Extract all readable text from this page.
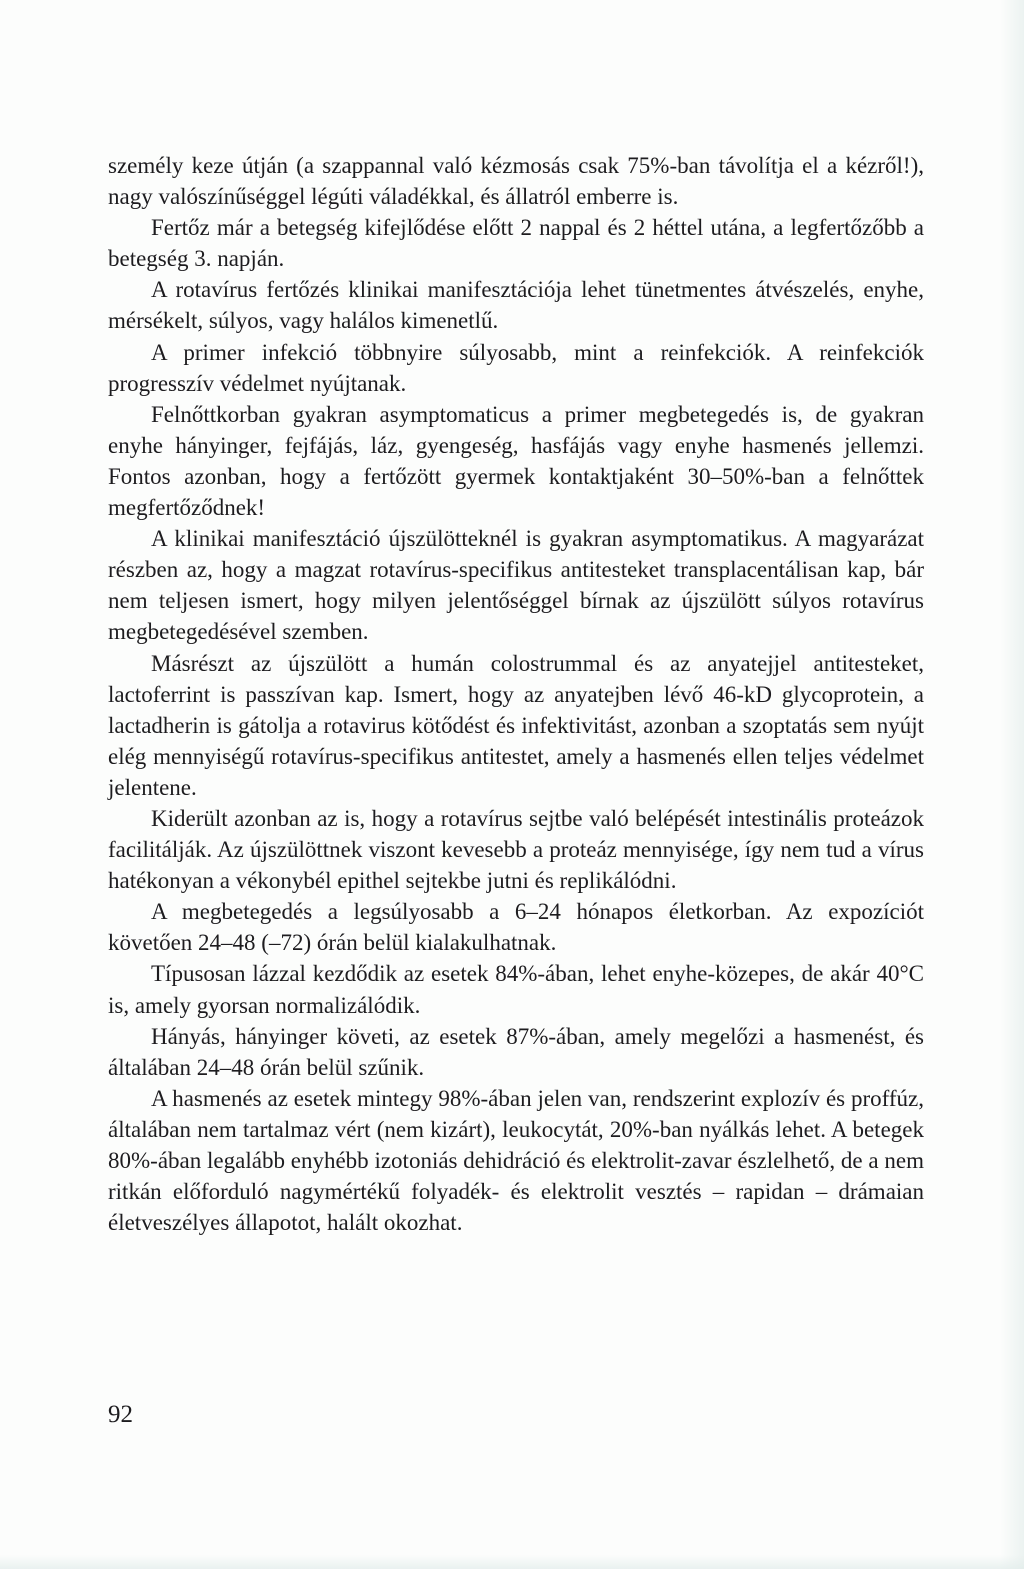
személy keze útján (a szappannal való kézmosás csak 75%-ban távolítja el a kézről!), nagy valószínűséggel légúti váladékkal, és állatról emberre is.

Fertőz már a betegség kifejlődése előtt 2 nappal és 2 héttel utána, a legfertőzőbb a betegség 3. napján.

A rotavírus fertőzés klinikai manifesztációja lehet tünetmentes átvészelés, enyhe, mérsékelt, súlyos, vagy halálos kimenetlű.

A primer infekció többnyire súlyosabb, mint a reinfekciók. A reinfekciók progresszív védelmet nyújtanak.

Felnőttkorban gyakran asymptomaticus a primer megbetegedés is, de gyakran enyhe hányinger, fejfájás, láz, gyengeség, hasfájás vagy enyhe hasmenés jellemzi. Fontos azonban, hogy a fertőzött gyermek kontaktjaként 30–50%-ban a felnőttek megfertőződnek!

A klinikai manifesztáció újszülötteknél is gyakran asymptomatikus. A magyarázat részben az, hogy a magzat rotavírus-specifikus antitesteket transplacentálisan kap, bár nem teljesen ismert, hogy milyen jelentőséggel bírnak az újszülött súlyos rotavírus megbetegedésével szemben.

Másrészt az újszülött a humán colostrummal és az anyatejjel antitesteket, lactoferrint is passzívan kap. Ismert, hogy az anyatejben lévő 46-kD glycoprotein, a lactadherin is gátolja a rotavirus kötődést és infektivitást, azonban a szoptatás sem nyújt elég mennyiségű rotavírus-specifikus antitestet, amely a hasmenés ellen teljes védelmet jelentene.

Kiderült azonban az is, hogy a rotavírus sejtbe való belépését intestinális proteázok facilitálják. Az újszülöttnek viszont kevesebb a proteáz mennyisége, így nem tud a vírus hatékonyan a vékonybél epithel sejtekbe jutni és replikálódni.

A megbetegedés a legsúlyosabb a 6–24 hónapos életkorban. Az expozíciót követően 24–48 (–72) órán belül kialakulhatnak.

Típusosan lázzal kezdődik az esetek 84%-ában, lehet enyhe-közepes, de akár 40°C is, amely gyorsan normalizálódik.

Hányás, hányinger követi, az esetek 87%-ában, amely megelőzi a hasmenést, és általában 24–48 órán belül szűnik.

A hasmenés az esetek mintegy 98%-ában jelen van, rendszerint explozív és proffúz, általában nem tartalmaz vért (nem kizárt), leukocytát, 20%-ban nyálkás lehet. A betegek 80%-ában legalább enyhébb izotoniás dehidráció és elektrolit-zavar észlelhető, de a nem ritkán előforduló nagymértékű folyadék- és elektrolit vesztés – rapidan – drámaian életveszélyes állapotot, halált okozhat.

92
